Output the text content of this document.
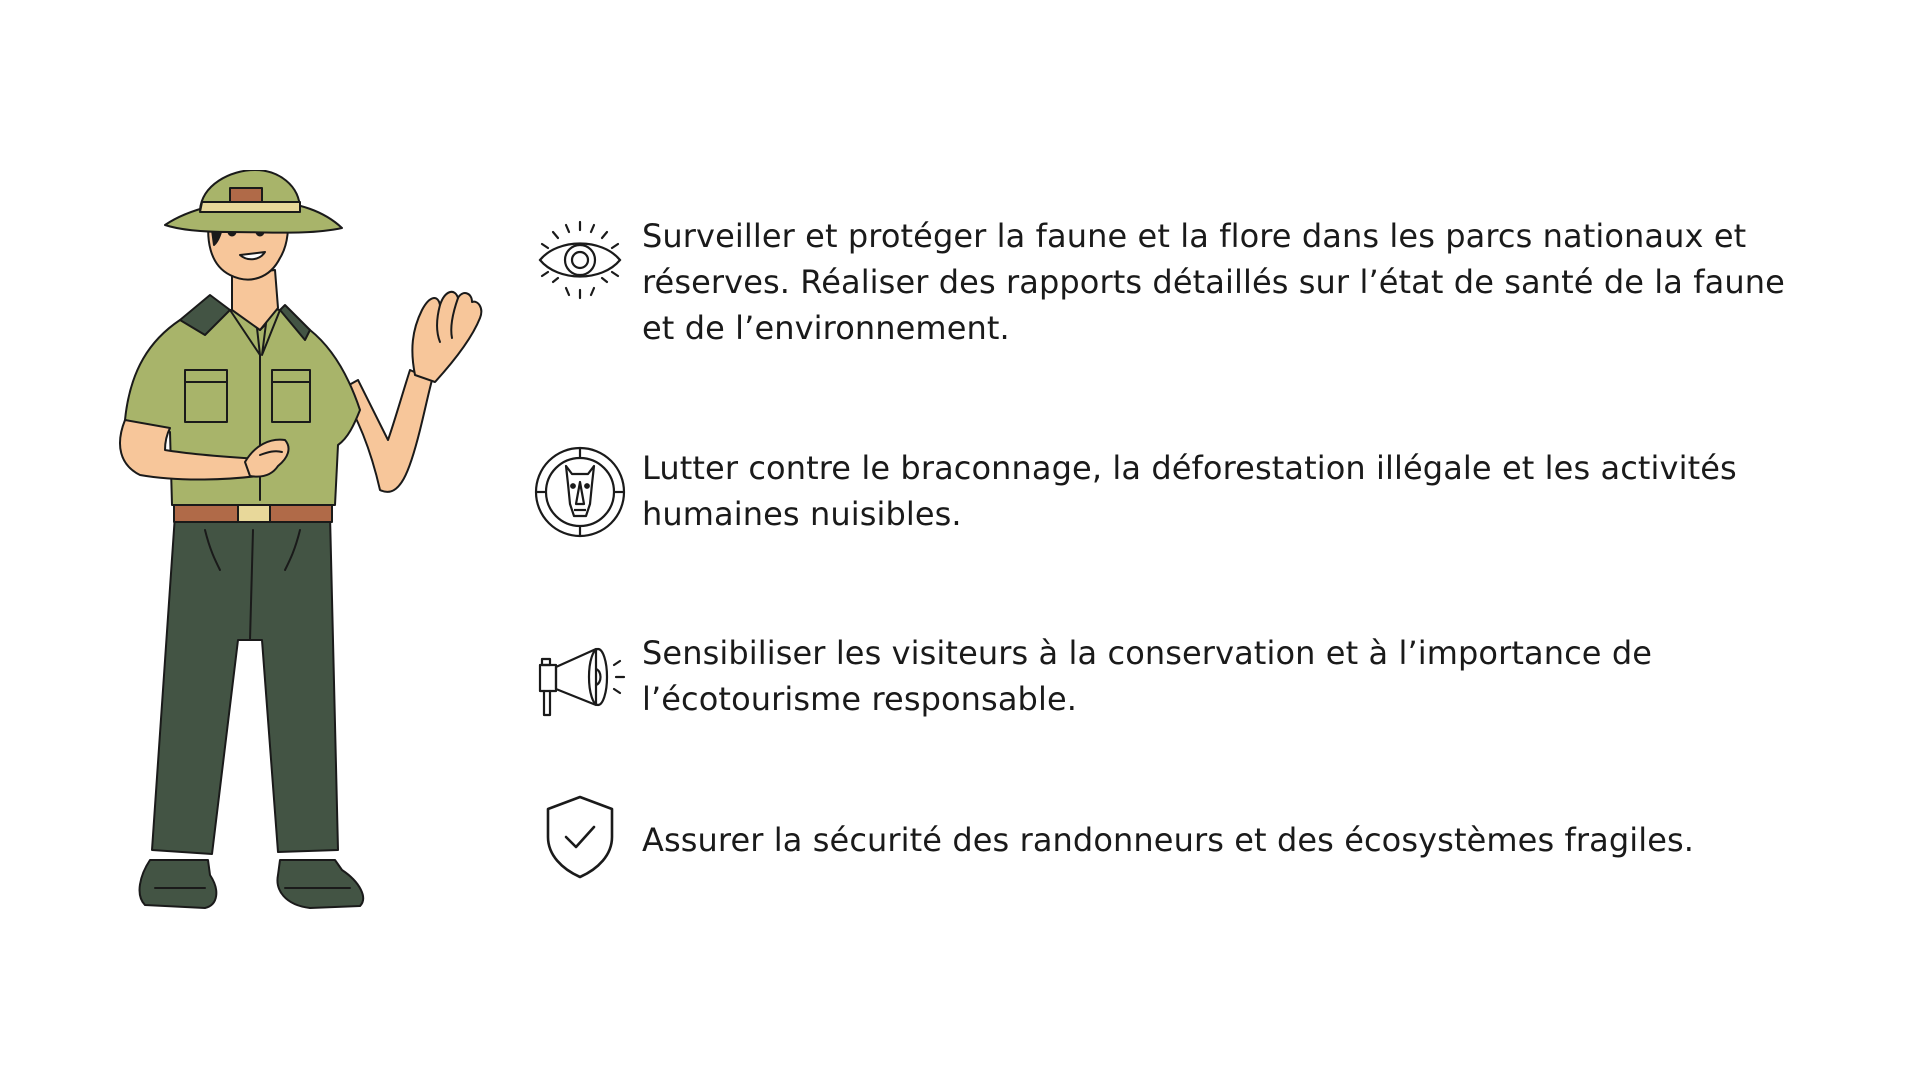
Surveiller et protéger la faune et la flore dans les parcs nationaux et réserves. Réaliser des rapports détaillés sur l’état de santé de la faune et de l’environnement.
Lutter contre le braconnage, la déforestation illégale et les activités humaines nuisibles.
Sensibiliser les visiteurs à la conservation et à l’importance de l’écotourisme responsable.
Assurer la sécurité des randonneurs et des écosystèmes fragiles.
